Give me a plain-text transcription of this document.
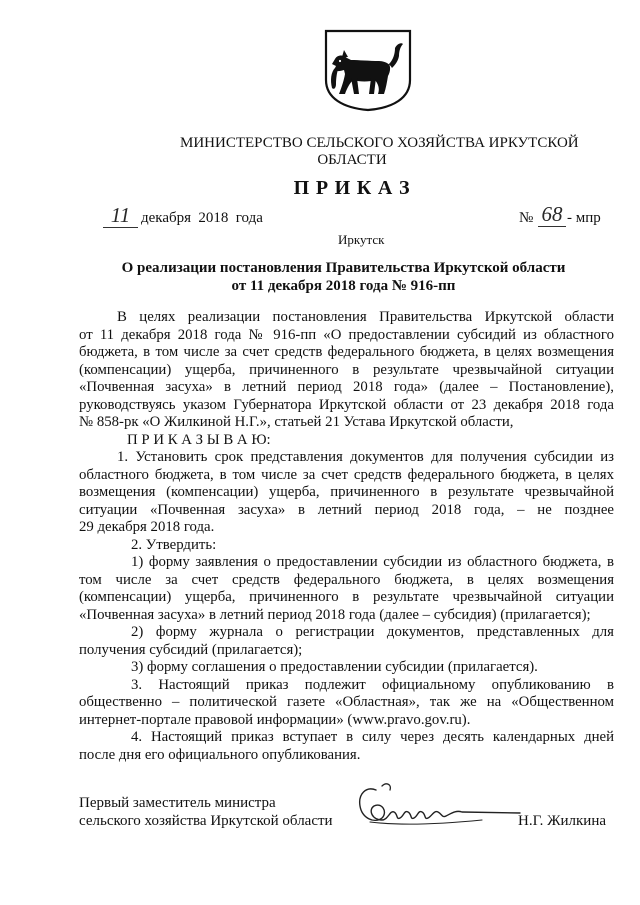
МИНИСТЕРСТВО СЕЛЬСКОГО ХОЗЯЙСТВА ИРКУТСКОЙ
ОБЛАСТИ
П Р И К А З
11 декабря 2018 года	№ 68 - мпр
Иркутск
О реализации постановления Правительства Иркутской области
от 11 декабря 2018 года № 916-пп
В целях реализации постановления Правительства Иркутской области
от 11 декабря 2018 года № 916-пп «О предоставлении субсидий из областного
бюджета, в том числе за счет средств федерального бюджета, в целях возмещения
(компенсации) ущерба, причиненного в результате чрезвычайной ситуации
«Почвенная засуха» в летний период 2018 года» (далее – Постановление),
руководствуясь указом Губернатора Иркутской области от 23 декабря 2018 года
№ 858-рк «О Жилкиной Н.Г.», статьей 21 Устава Иркутской области,
П Р И К А З Ы В А Ю:
1. Установить срок представления документов для получения субсидии из
областного бюджета, в том числе за счет средств федерального бюджета, в целях
возмещения (компенсации) ущерба, причиненного в результате чрезвычайной
ситуации «Почвенная засуха» в летний период 2018 года, – не позднее
29 декабря 2018 года.
2. Утвердить:
1) форму заявления о предоставлении субсидии из областного бюджета, в
том числе за счет средств федерального бюджета, в целях возмещения
(компенсации) ущерба, причиненного в результате чрезвычайной ситуации
«Почвенная засуха» в летний период 2018 года (далее – субсидия) (прилагается);
2) форму журнала о регистрации документов, представленных для
получения субсидий (прилагается);
3) форму соглашения о предоставлении субсидии (прилагается).
3. Настоящий приказ подлежит официальному опубликованию в
общественно – политической газете «Областная», так же на «Общественном
интернет-портале правовой информации» (www.pravo.gov.ru).
4. Настоящий приказ вступает в силу через десять календарных дней
после дня его официального опубликования.
Первый заместитель министра
сельского хозяйства Иркутской области	Н.Г. Жилкина
